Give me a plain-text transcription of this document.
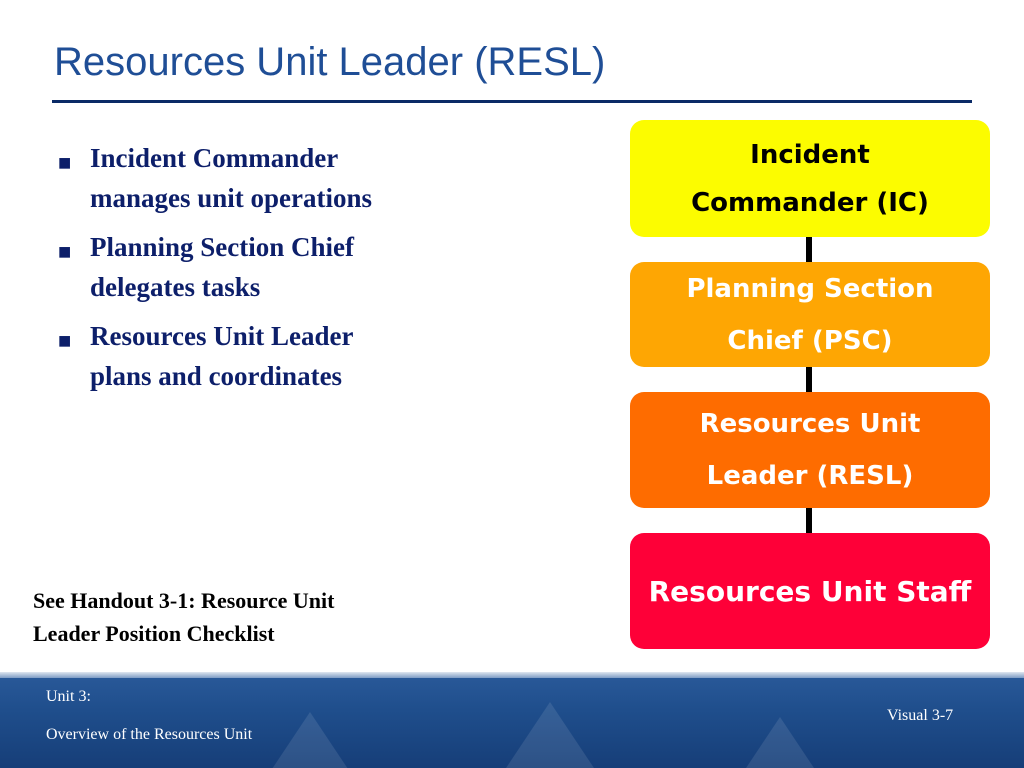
Resources Unit Leader (RESL)
■ Incident Commander
manages unit operations
■ Planning Section Chief
delegates tasks
■ Resources Unit Leader
plans and coordinates
See Handout 3-1: Resource Unit
Leader Position Checklist
Incident
Commander (IC)
Planning Section
Chief (PSC)
Resources Unit
Leader (RESL)
Resources Unit Staff
Unit 3:
Overview of the Resources Unit
Visual 3-7
